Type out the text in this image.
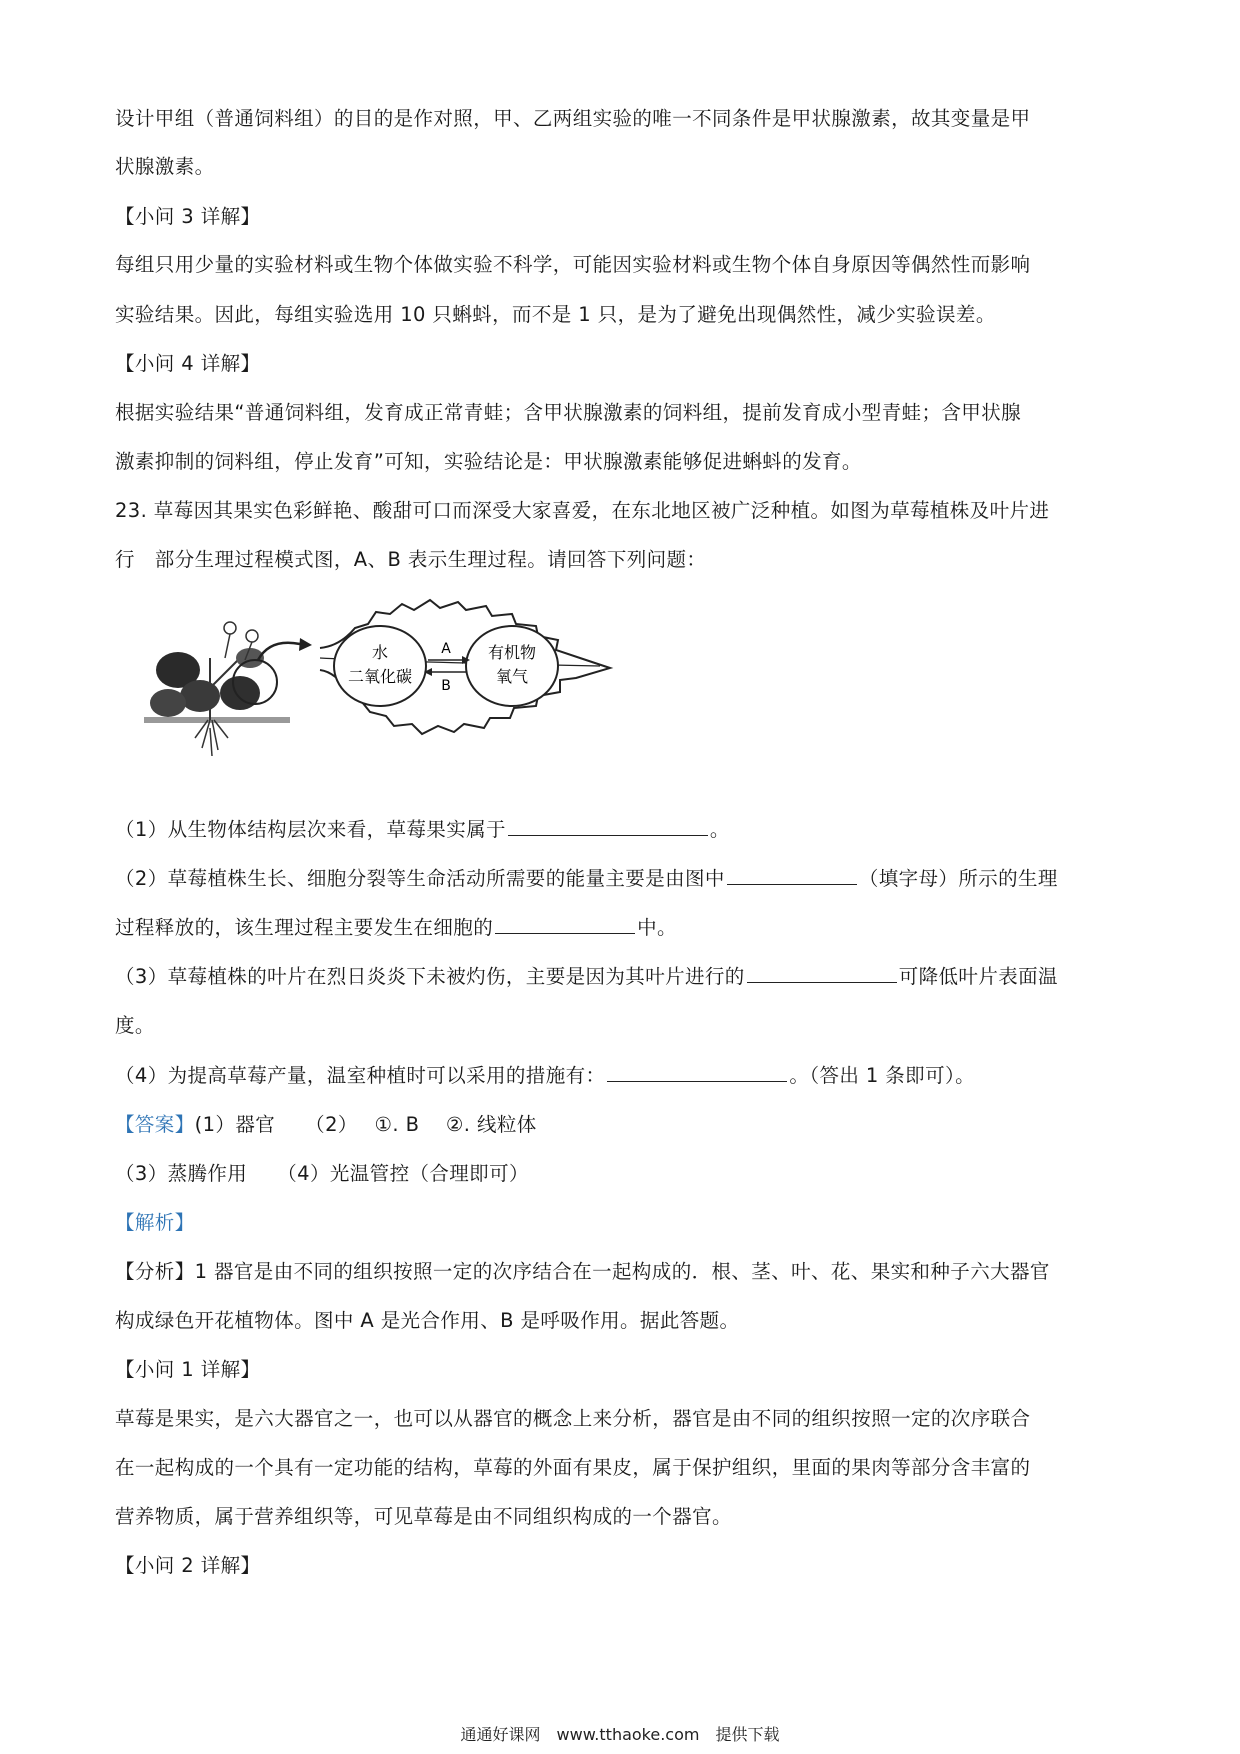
设计甲组（普通饲料组）的目的是作对照，甲、乙两组实验的唯一不同条件是甲状腺激素，故其变量是甲
状腺激素。
【小问 3 详解】
每组只用少量的实验材料或生物个体做实验不科学，可能因实验材料或生物个体自身原因等偶然性而影响
实验结果。因此，每组实验选用 10 只蝌蚪，而不是 1 只，是为了避免出现偶然性，减少实验误差。
【小问 4 详解】
根据实验结果“普通饲料组，发育成正常青蛙；含甲状腺激素的饲料组，提前发育成小型青蛙；含甲状腺
激素抑制的饲料组，停止发育”可知，实验结论是：甲状腺激素能够促进蝌蚪的发育。
23. 草莓因其果实色彩鲜艳、酸甜可口而深受大家喜爱，在东北地区被广泛种植。如图为草莓植株及叶片进
行　部分生理过程模式图，A、B 表示生理过程。请回答下列问题：
水
二氧化碳
有机物
氧气
A
B
（1）从生物体结构层次来看，草莓果实属于	。
（2）草莓植株生长、细胞分裂等生命活动所需要的能量主要是由图中	（填字母）所示的生理
过程释放的，该生理过程主要发生在细胞的	中。
（3）草莓植株的叶片在烈日炎炎下未被灼伤，主要是因为其叶片进行的	可降低叶片表面温
度。
（4）为提高草莓产量，温室种植时可以采用的措施有：	。（答出 1 条即可）。
【答案】(1）器官　　（2）　 ①. B　 ②. 线粒体
（3）蒸腾作用　　（4）光温管控（合理即可）
【解析】
【分析】1 器官是由不同的组织按照一定的次序结合在一起构成的．根、茎、叶、花、果实和种子六大器官
构成绿色开花植物体。图中 A 是光合作用、B 是呼吸作用。据此答题。
【小问 1 详解】
草莓是果实，是六大器官之一，也可以从器官的概念上来分析，器官是由不同的组织按照一定的次序联合
在一起构成的一个具有一定功能的结构，草莓的外面有果皮，属于保护组织，里面的果肉等部分含丰富的
营养物质，属于营养组织等，可见草莓是由不同组织构成的一个器官。
【小问 2 详解】
通通好课网　www.tthaoke.com　提供下载
